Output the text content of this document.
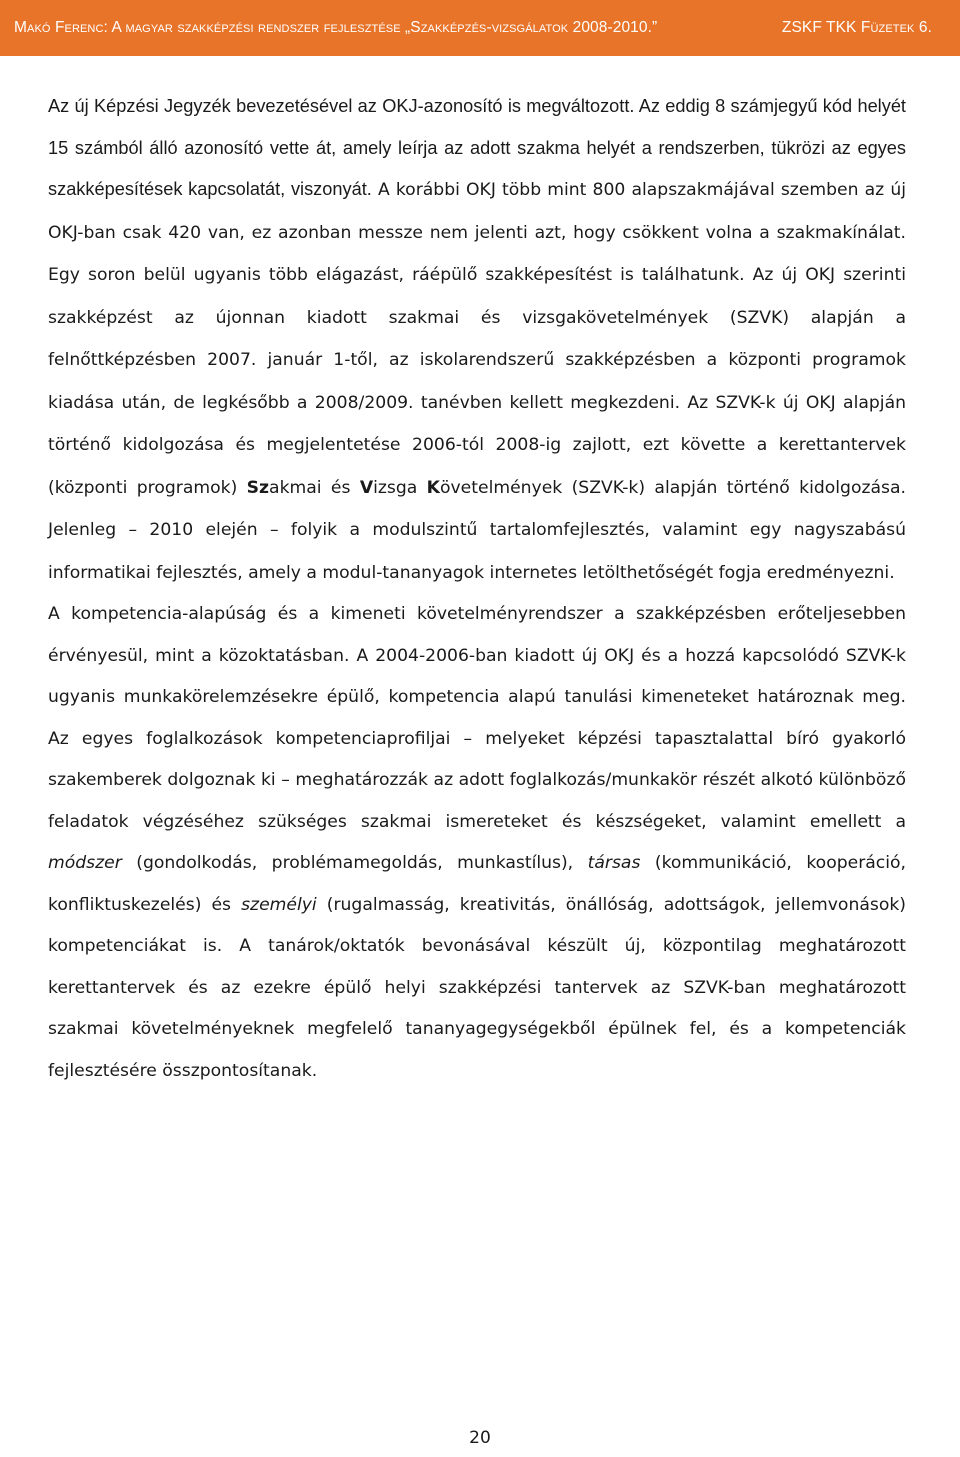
Makó Ferenc: A magyar szakképzési rendszer fejlesztése „Szakképzés-vizsgálatok 2008-2010.”	ZSKF TKK Füzetek 6.

Az új Képzési Jegyzék bevezetésével az OKJ-azonosító is megváltozott. Az eddig 8 számjegyű kód helyét 15 számból álló azonosító vette át, amely leírja az adott szakma helyét a rendszerben, tükrözi az egyes szakképesítések kapcsolatát, viszonyát. A korábbi OKJ több mint 800 alapszakmájával szemben az új OKJ-ban csak 420 van, ez azonban messze nem jelenti azt, hogy csökkent volna a szakmakínálat. Egy soron belül ugyanis több elágazást, ráépülő szakképesítést is találhatunk. Az új OKJ szerinti szakképzést az újonnan kiadott szakmai és vizsgakövetelmények (SZVK) alapján a felnőttképzésben 2007. január 1-től, az iskolarendszerű szakképzésben a központi programok kiadása után, de legkésőbb a 2008/2009. tanévben kellett megkezdeni. Az SZVK-k új OKJ alapján történő kidolgozása és megjelentetése 2006-tól 2008-ig zajlott, ezt követte a kerettantervek (központi programok) Szakmai és Vizsga Követelmények (SZVK-k) alapján történő kidolgozása. Jelenleg – 2010 elején – folyik a modulszintű tartalomfejlesztés, valamint egy nagyszabású informatikai fejlesztés, amely a modul-tananyagok internetes letölthetőségét fogja eredményezni.

A kompetencia-alapúság és a kimeneti követelményrendszer a szakképzésben erőteljesebben érvényesül, mint a közoktatásban. A 2004-2006-ban kiadott új OKJ és a hozzá kapcsolódó SZVK-k ugyanis munkakörelemzésekre épülő, kompetencia alapú tanulási kimeneteket határoznak meg. Az egyes foglalkozások kompetenciaprofiljai – melyeket képzési tapasztalattal bíró gyakorló szakemberek dolgoznak ki – meghatározzák az adott foglalkozás/munkakör részét alkotó különböző feladatok végzéséhez szükséges szakmai ismereteket és készségeket, valamint emellett a módszer (gondolkodás, problémamegoldás, munkastílus), társas (kommunikáció, kooperáció, konfliktuskezelés) és személyi (rugalmasság, kreativitás, önállóság, adottságok, jellemvonások) kompetenciákat is. A tanárok/oktatók bevonásával készült új, központilag meghatározott kerettantervek és az ezekre épülő helyi szakképzési tantervek az SZVK-ban meghatározott szakmai követelményeknek megfelelő tananyagegységekből épülnek fel, és a kompetenciák fejlesztésére összpontosítanak.

20
